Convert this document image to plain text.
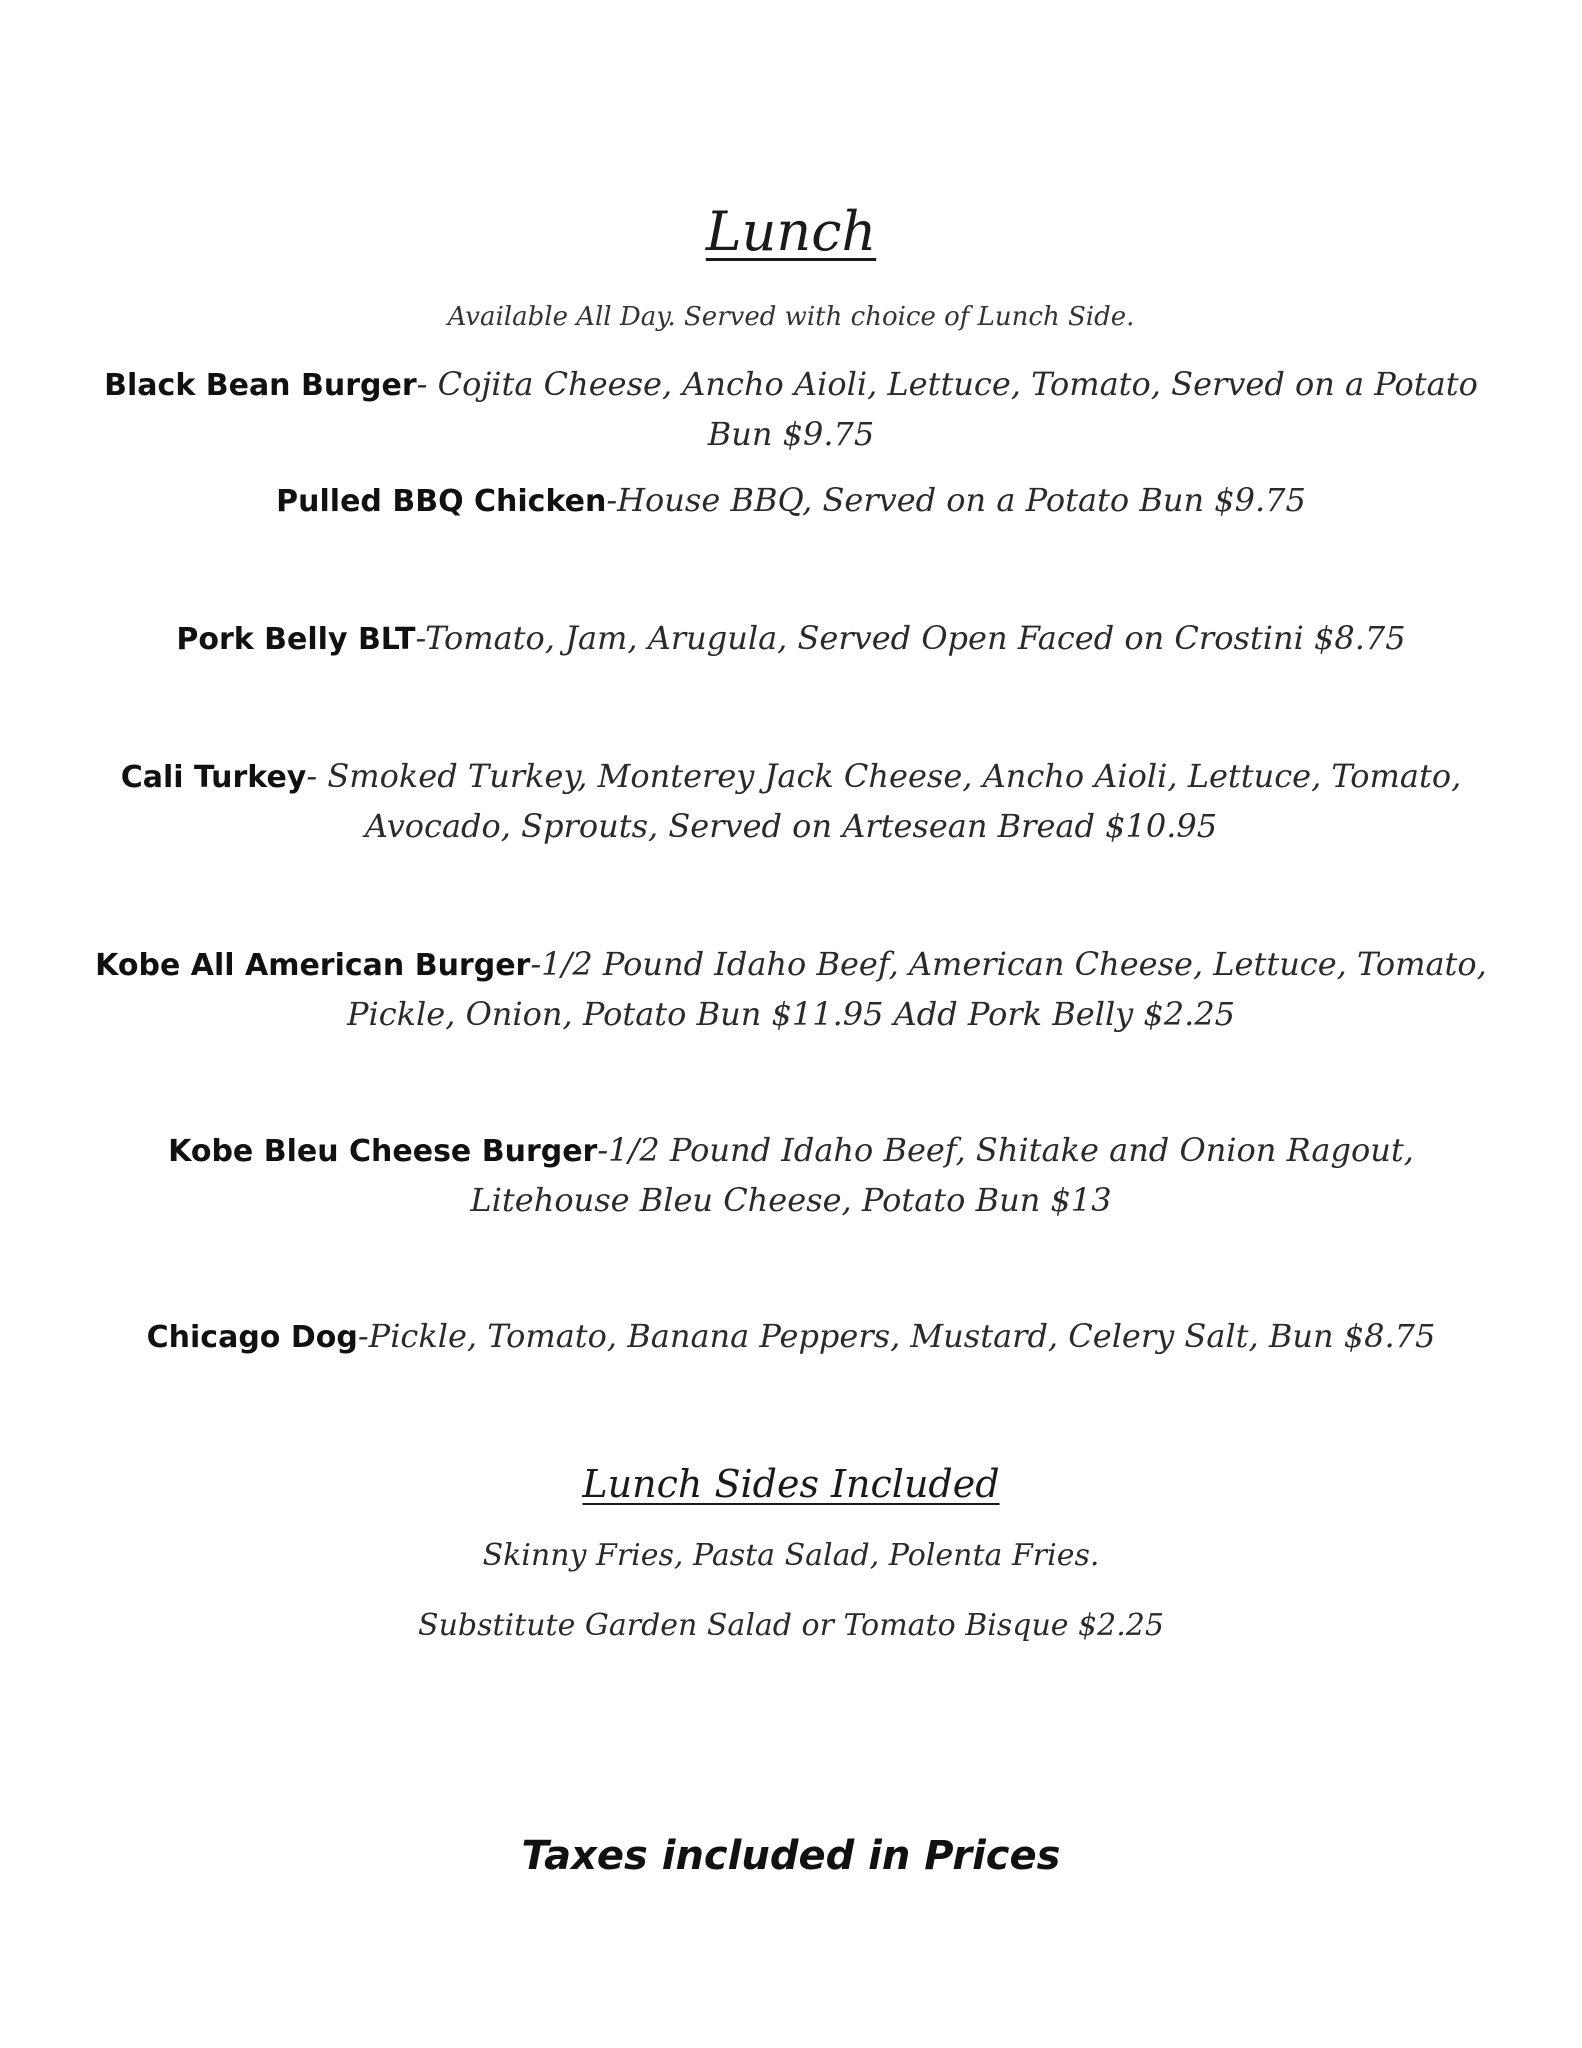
Lunch
Available All Day. Served with choice of Lunch Side.
Black Bean Burger- Cojita Cheese, Ancho Aioli, Lettuce, Tomato, Served on a Potato Bun $9.75
Pulled BBQ Chicken-House BBQ, Served on a Potato Bun $9.75
Pork Belly BLT-Tomato, Jam, Arugula, Served Open Faced on Crostini $8.75
Cali Turkey- Smoked Turkey, Monterey Jack Cheese, Ancho Aioli, Lettuce, Tomato, Avocado, Sprouts, Served on Artesean Bread $10.95
Kobe All American Burger-1/2 Pound Idaho Beef, American Cheese, Lettuce, Tomato, Pickle, Onion, Potato Bun $11.95 Add Pork Belly $2.25
Kobe Bleu Cheese Burger-1/2 Pound Idaho Beef, Shitake and Onion Ragout, Litehouse Bleu Cheese, Potato Bun $13
Chicago Dog-Pickle, Tomato, Banana Peppers, Mustard, Celery Salt, Bun $8.75
Lunch Sides Included
Skinny Fries, Pasta Salad, Polenta Fries.
Substitute Garden Salad or Tomato Bisque $2.25
Taxes included in Prices
